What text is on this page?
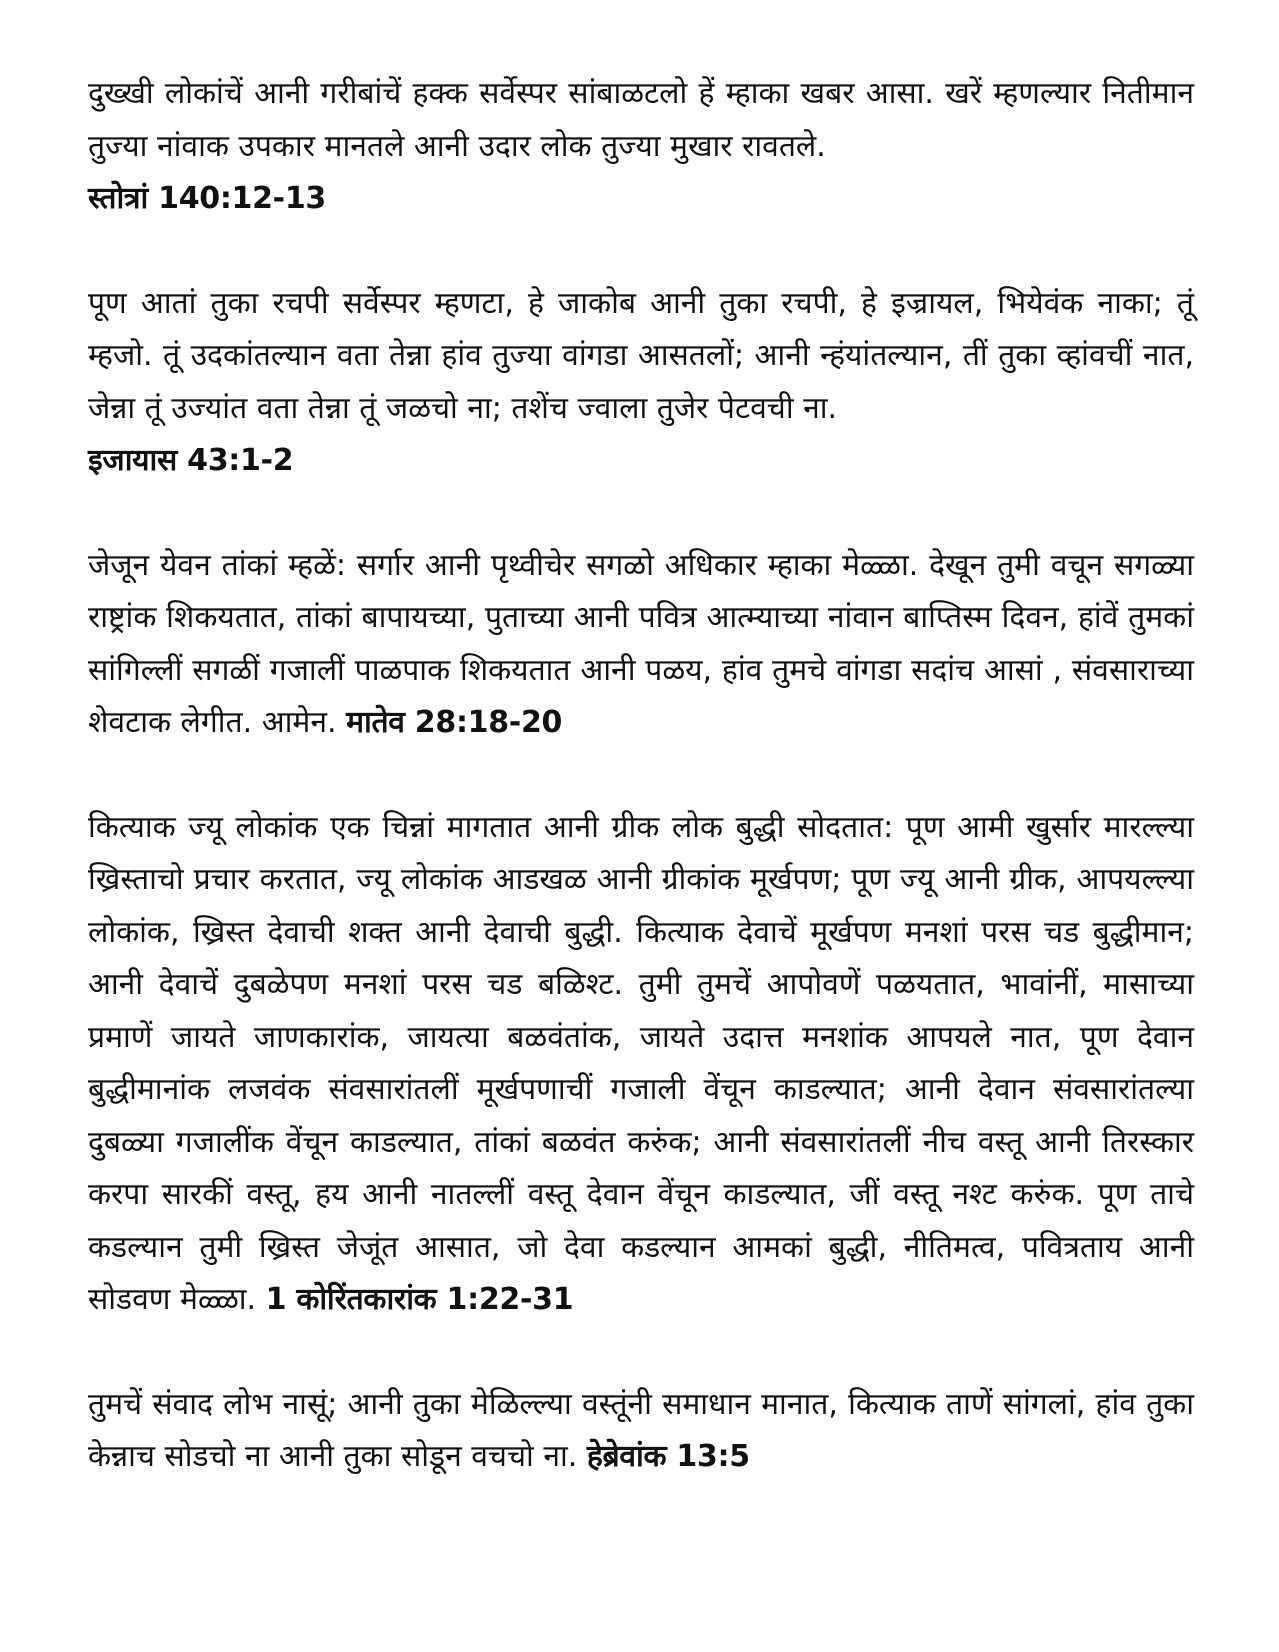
दुख्खी लोकांचें आनी गरीबांचें हक्क सर्वेस्पर सांबाळटलो हें म्हाका खबर आसा. खरें म्हणल्यार नितीमान तुज्या नांवाक उपकार मानतले आनी उदार लोक तुज्या मुखार रावतले.
स्तोत्रां 140:12-13

पूण आतां तुका रचपी सर्वेस्पर म्हणटा, हे जाकोब आनी तुका रचपी, हे इज्रायल, भियेवंक नाका; तूं म्हजो. तूं उदकांतल्यान वता तेन्ना हांव तुज्या वांगडा आसतलों; आनी न्हंयांतल्यान, तीं तुका व्हांवचीं नात, जेन्ना तूं उज्यांत वता तेन्ना तूं जळचो ना; तशेंच ज्वाला तुजेर पेटवची ना.
इजायास 43:1-2

जेजून येवन तांकां म्हळें: सर्गार आनी पृथ्वीचेर सगळो अधिकार म्हाका मेळ्ळा. देखून तुमी वचून सगळ्या राष्ट्रांक शिकयतात, तांकां बापायच्या, पुताच्या आनी पवित्र आत्म्याच्या नांवान बाप्तिस्म दिवन, हांवें तुमकां सांगिल्लीं सगळीं गजालीं पाळपाक शिकयतात आनी पळय, हांव तुमचे वांगडा सदांच आसां , संवसाराच्या शेवटाक लेगीत. आमेन. मातेव 28:18-20

कित्याक ज्यू लोकांक एक चिन्नां मागतात आनी ग्रीक लोक बुद्धी सोदतात: पूण आमी खुर्सार मारल्ल्या ख्रिस्ताचो प्रचार करतात, ज्यू लोकांक आडखळ आनी ग्रीकांक मूर्खपण; पूण ज्यू आनी ग्रीक, आपयल्ल्या लोकांक, ख्रिस्त देवाची शक्त आनी देवाची बुद्धी. कित्याक देवाचें मूर्खपण मनशां परस चड बुद्धीमान; आनी देवाचें दुबळेपण मनशां परस चड बळिश्ट. तुमी तुमचें आपोवणें पळयतात, भावांनीं, मासाच्या प्रमाणें जायते जाणकारांक, जायत्या बळवंतांक, जायते उदात्त मनशांक आपयले नात, पूण देवान बुद्धीमानांक लजवंक संवसारांतलीं मूर्खपणाचीं गजाली वेंचून काडल्यात; आनी देवान संवसारांतल्या दुबळ्या गजालींक वेंचून काडल्यात, तांकां बळवंत करुंक; आनी संवसारांतलीं नीच वस्तू आनी तिरस्कार करपा सारकीं वस्तू, हय आनी नातल्लीं वस्तू देवान वेंचून काडल्यात, जीं वस्तू नश्ट करुंक. पूण ताचे कडल्यान तुमी ख्रिस्त जेजूंत आसात, जो देवा कडल्यान आमकां बुद्धी, नीतिमत्व, पवित्रताय आनी सोडवण मेळ्ळा. 1 कोरिंतकारांक 1:22-31

तुमचें संवाद लोभ नासूं; आनी तुका मेळिल्ल्या वस्तूंनी समाधान मानात, कित्याक ताणें सांगलां, हांव तुका केन्नाच सोडचो ना आनी तुका सोडून वचचो ना. हेब्रेवांक 13:5
